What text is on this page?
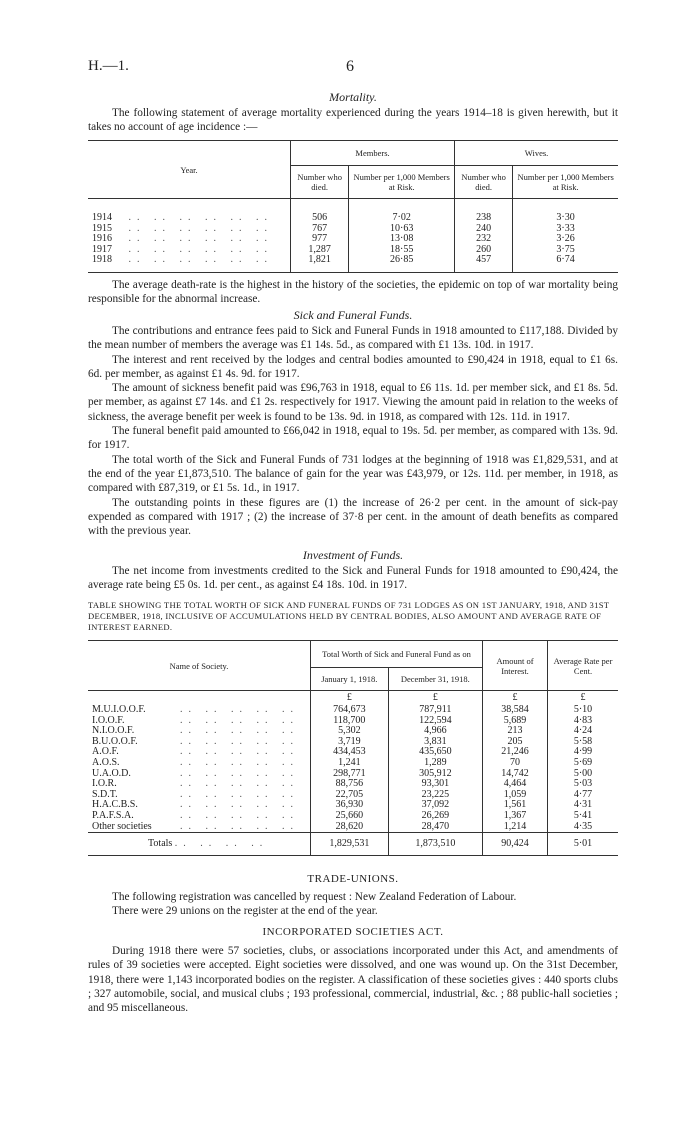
H.—1.	6
Mortality.

The following statement of average mortality experienced during the years 1914–18 is given herewith, but it takes no account of age incidence :—

Year.	Members.		Wives.	
	Number who died.	Number per 1,000 Members at Risk.	Number who died.	Number per 1,000 Members at Risk.

1914 .. .. .. .. .. ..	506	7·02	238	3·30
1915 .. .. .. .. .. ..	767	10·63	240	3·33
1916 .. .. .. .. .. ..	977	13·08	232	3·26
1917 .. .. .. .. .. ..	1,287	18·55	260	3·75
1918 .. .. .. .. .. ..	1,821	26·85	457	6·74

The average death-rate is the highest in the history of the societies, the epidemic on top of war mortality being responsible for the abnormal increase.

Sick and Funeral Funds.

The contributions and entrance fees paid to Sick and Funeral Funds in 1918 amounted to £117,188. Divided by the mean number of members the average was £1 14s. 5d., as compared with £1 13s. 10d. in 1917.

The interest and rent received by the lodges and central bodies amounted to £90,424 in 1918, equal to £1 6s. 6d. per member, as against £1 4s. 9d. for 1917.

The amount of sickness benefit paid was £96,763 in 1918, equal to £6 11s. 1d. per member sick, and £1 8s. 5d. per member, as against £7 14s. and £1 2s. respectively for 1917. Viewing the amount paid in relation to the weeks of sickness, the average benefit per week is found to be 13s. 9d. in 1918, as compared with 12s. 11d. in 1917.

The funeral benefit paid amounted to £66,042 in 1918, equal to 19s. 5d. per member, as compared with 13s. 9d. for 1917.

The total worth of the Sick and Funeral Funds of 731 lodges at the beginning of 1918 was £1,829,531, and at the end of the year £1,873,510. The balance of gain for the year was £43,979, or 12s. 11d. per member, in 1918, as compared with £87,319, or £1 5s. 1d., in 1917.

The outstanding points in these figures are (1) the increase of 26·2 per cent. in the amount of sick-pay expended as compared with 1917 ; (2) the increase of 37·8 per cent. in the amount of death benefits as compared with the previous year.

Investment of Funds.

The net income from investments credited to the Sick and Funeral Funds for 1918 amounted to £90,424, the average rate being £5 0s. 1d. per cent., as against £4 18s. 10d. in 1917.

TABLE SHOWING THE TOTAL WORTH OF SICK AND FUNERAL FUNDS OF 731 LODGES AS ON 1ST JANUARY, 1918, AND 31ST DECEMBER, 1918, INCLUSIVE OF ACCUMULATIONS HELD BY CENTRAL BODIES, ALSO AMOUNT AND AVERAGE RATE OF INTEREST EARNED.
Name of Society.	Total Worth of Sick and Funeral Fund as on		Amount of Interest.	Average Rate per Cent.
	January 1, 1918.	December 31, 1918.		
	£	£	£	£
M.U.I.O.O.F. .. .. .. .. ..	764,673	787,911	38,584	5·10
I.O.O.F. .. .. .. .. ..	118,700	122,594	5,689	4·83
N.I.O.O.F. .. .. .. .. ..	5,302	4,966	213	4·24
B.U.O.O.F. .. .. .. .. ..	3,719	3,831	205	5·58
A.O.F. .. .. .. .. ..	434,453	435,650	21,246	4·99
A.O.S. .. .. .. .. ..	1,241	1,289	70	5·69
U.A.O.D. .. .. .. .. ..	298,771	305,912	14,742	5·00
I.O.R. .. .. .. .. ..	88,756	93,301	4,464	5·03
S.D.T. .. .. .. .. ..	22,705	23,225	1,059	4·77
H.A.C.B.S. .. .. .. .. ..	36,930	37,092	1,561	4·31
P.A.F.S.A. .. .. .. .. ..	25,660	26,269	1,367	5·41
Other societies .. .. .. .. ..	28,620	28,470	1,214	4·35
Totals .. .. .. ..	1,829,531	1,873,510	90,424	5·01
TRADE-UNIONS.

The following registration was cancelled by request : New Zealand Federation of Labour.

There were 29 unions on the register at the end of the year.

INCORPORATED SOCIETIES ACT.

During 1918 there were 57 societies, clubs, or associations incorporated under this Act, and amendments of rules of 39 societies were accepted. Eight societies were dissolved, and one was wound up. On the 31st December, 1918, there were 1,143 incorporated bodies on the register. A classification of these societies gives : 440 sports clubs ; 327 automobile, social, and musical clubs ; 193 professional, commercial, industrial, &c. ; 88 public-hall societies ; and 95 miscellaneous.
